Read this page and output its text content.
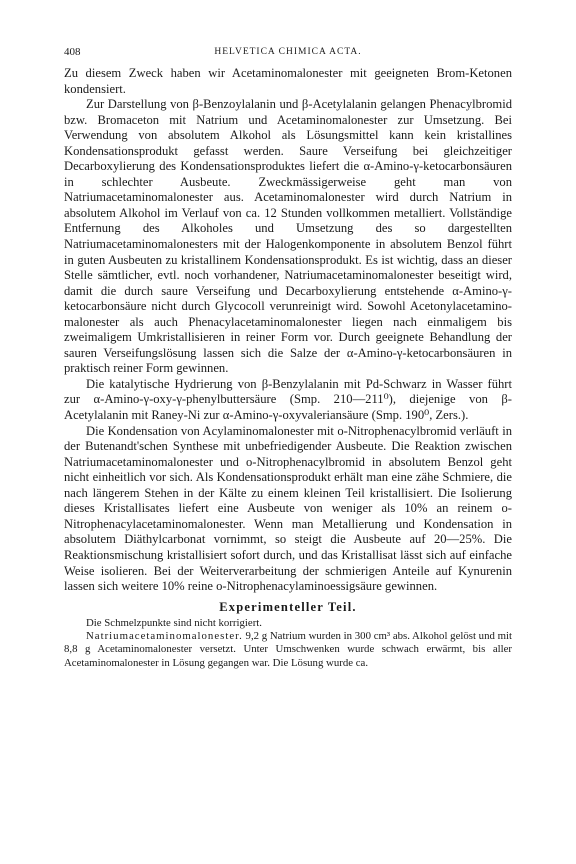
408	HELVETICA CHIMICA ACTA.

Zu diesem Zweck haben wir Acetaminomalonester mit geeigneten Brom-Ketonen kondensiert.

Zur Darstellung von β-Benzoylalanin und β-Acetylalanin gelangen Phenacylbromid bzw. Bromaceton mit Natrium und Acetaminomalonester zur Umsetzung. Bei Verwendung von absolutem Alkohol als Lösungsmittel kann kein kristallines Kondensationsprodukt gefasst werden. Saure Verseifung bei gleichzeitiger Decarboxylierung des Kondensationsproduktes liefert die α-Amino-γ-ketocarbonsäuren in schlechter Ausbeute. Zweckmässigerweise geht man von Natriumacetaminomalonester aus. Acetaminomalonester wird durch Natrium in absolutem Alkohol im Verlauf von ca. 12 Stunden vollkommen metalliert. Vollständige Entfernung des Alkoholes und Umsetzung des so dargestellten Natriumacetaminomalonesters mit der Halogenkomponente in absolutem Benzol führt in guten Ausbeuten zu kristallinem Kondensationsprodukt. Es ist wichtig, dass an dieser Stelle sämtlicher, evtl. noch vorhandener, Natriumacetaminomalonester beseitigt wird, damit die durch saure Verseifung und Decarboxylierung entstehende α-Amino-γ-ketocarbonsäure nicht durch Glycocoll verunreinigt wird. Sowohl Acetonylacetamino-malonester als auch Phenacylacetaminomalonester liegen nach einmaligem bis zweimaligem Umkristallisieren in reiner Form vor. Durch geeignete Behandlung der sauren Verseifungslösung lassen sich die Salze der α-Amino-γ-ketocarbonsäuren in praktisch reiner Form gewinnen.

Die katalytische Hydrierung von β-Benzylalanin mit Pd-Schwarz in Wasser führt zur α-Amino-γ-oxy-γ-phenylbuttersäure (Smp. 210—211⁰), diejenige von β-Acetylalanin mit Raney-Ni zur α-Amino-γ-oxyvaleriansäure (Smp. 190⁰, Zers.).

Die Kondensation von Acylaminomalonester mit o-Nitrophenacylbromid verläuft in der Butenandt'schen Synthese mit unbefriedigender Ausbeute. Die Reaktion zwischen Natriumacetaminomalonester und o-Nitrophenacylbromid in absolutem Benzol geht nicht einheitlich vor sich. Als Kondensationsprodukt erhält man eine zähe Schmiere, die nach längerem Stehen in der Kälte zu einem kleinen Teil kristallisiert. Die Isolierung dieses Kristallisates liefert eine Ausbeute von weniger als 10% an reinem o-Nitrophenacylacetaminomalonester. Wenn man Metallierung und Kondensation in absolutem Diäthylcarbonat vornimmt, so steigt die Ausbeute auf 20—25%. Die Reaktionsmischung kristallisiert sofort durch, und das Kristallisat lässt sich auf einfache Weise isolieren. Bei der Weiterverarbeitung der schmierigen Anteile auf Kynurenin lassen sich weitere 10% reine o-Nitrophenacylaminoessigsäure gewinnen.

Experimenteller Teil.

Die Schmelzpunkte sind nicht korrigiert.

Natriumacetaminomalonester. 9,2 g Natrium wurden in 300 cm³ abs. Alkohol gelöst und mit 8,8 g Acetaminomalonester versetzt. Unter Umschwenken wurde schwach erwärmt, bis aller Acetaminomalonester in Lösung gegangen war. Die Lösung wurde ca.
